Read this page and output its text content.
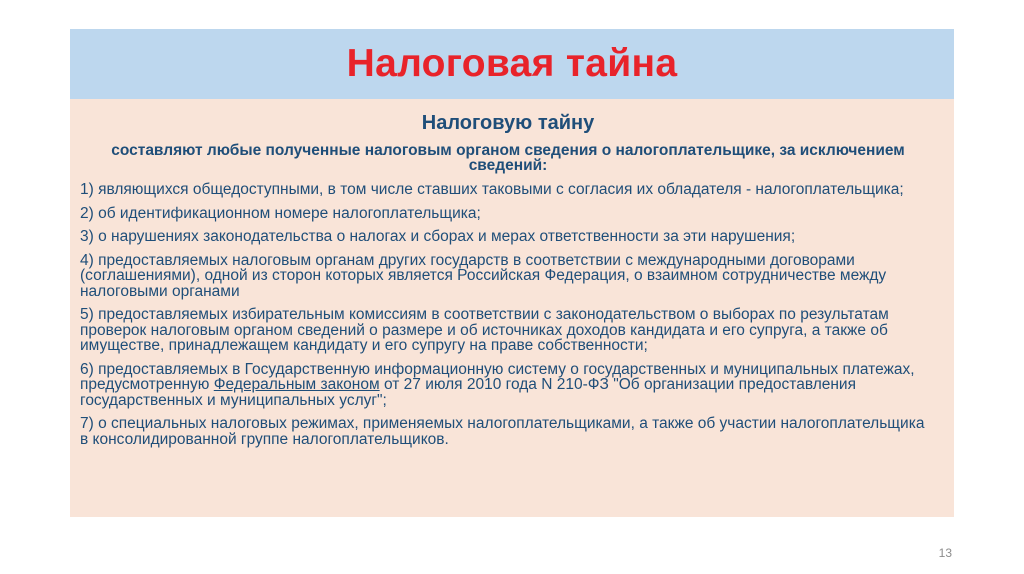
Налоговая тайна
Налоговую тайну
составляют любые полученные налоговым органом сведения о налогоплательщике, за исключением сведений:
1) являющихся общедоступными, в том числе ставших таковыми с согласия их обладателя - налогоплательщика;
2) об идентификационном номере налогоплательщика;
3) о нарушениях законодательства о налогах и сборах и мерах ответственности за эти нарушения;
4) предоставляемых налоговым органам других государств в соответствии с международными договорами (соглашениями), одной из сторон которых является Российская Федерация, о взаимном сотрудничестве между налоговыми органами
5) предоставляемых избирательным комиссиям в соответствии с законодательством о выборах по результатам проверок налоговым органом сведений о размере и об источниках доходов кандидата и его супруга, а также об имуществе, принадлежащем кандидату и его супругу на праве собственности;
6) предоставляемых в Государственную информационную систему о государственных и муниципальных платежах, предусмотренную Федеральным законом от 27 июля 2010 года N 210-ФЗ "Об организации предоставления государственных и муниципальных услуг";
7) о специальных налоговых режимах, применяемых налогоплательщиками, а также об участии налогоплательщика в консолидированной группе налогоплательщиков.
13
